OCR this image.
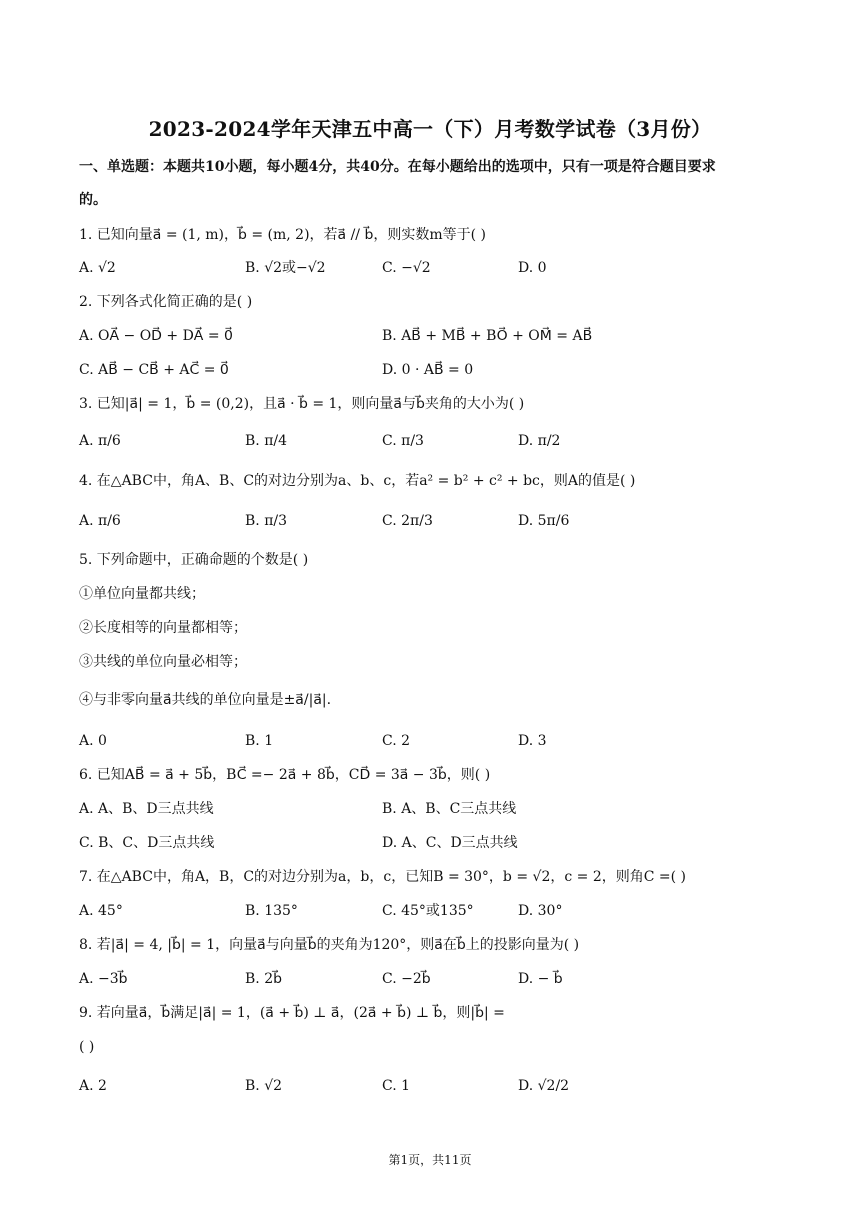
2023-2024学年天津五中高一（下）月考数学试卷（3月份）
一、单选题：本题共10小题，每小题4分，共40分。在每小题给出的选项中，只有一项是符合题目要求
的。
1. 已知向量a⃗ = (1, m)，b⃗ = (m, 2)，若a⃗ // b⃗，则实数m等于( )
A. √2	B. √2或−√2	C. −√2	D. 0
2. 下列各式化简正确的是( )
A. OA⃗ − OD⃗ + DA⃗ = 0⃗	B. AB⃗ + MB⃗ + BO⃗ + OM⃗ = AB⃗
C. AB⃗ − CB⃗ + AC⃗ = 0⃗	D. 0 · AB⃗ = 0
3. 已知|a⃗| = 1，b⃗ = (0,2)，且a⃗ · b⃗ = 1，则向量a⃗与b⃗夹角的大小为( )
A. π/6	B. π/4	C. π/3	D. π/2
4. 在△ABC中，角A、B、C的对边分别为a、b、c，若a² = b² + c² + bc，则A的值是( )
A. π/6	B. π/3	C. 2π/3	D. 5π/6
5. 下列命题中，正确命题的个数是( )
①单位向量都共线；
②长度相等的向量都相等；
③共线的单位向量必相等；
④与非零向量a⃗共线的单位向量是±a⃗/|a⃗|.
A. 0	B. 1	C. 2	D. 3
6. 已知AB⃗ = a⃗ + 5b⃗，BC⃗ =− 2a⃗ + 8b⃗，CD⃗ = 3a⃗ − 3b⃗，则( )
A. A、B、D三点共线	B. A、B、C三点共线
C. B、C、D三点共线	D. A、C、D三点共线
7. 在△ABC中，角A，B，C的对边分别为a，b，c，已知B = 30°，b = √2，c = 2，则角C =( )
A. 45°	B. 135°	C. 45°或135°	D. 30°
8. 若|a⃗| = 4, |b⃗| = 1，向量a⃗与向量b⃗的夹角为120°，则a⃗在b⃗上的投影向量为( )
A. −3b⃗	B. 2b⃗	C. −2b⃗	D. − b⃗
9. 若向量a⃗，b⃗满足|a⃗| = 1，(a⃗ + b⃗) ⊥ a⃗，(2a⃗ + b⃗) ⊥ b⃗，则|b⃗| =
( )
A. 2	B. √2	C. 1	D. √2/2
第1页，共11页
